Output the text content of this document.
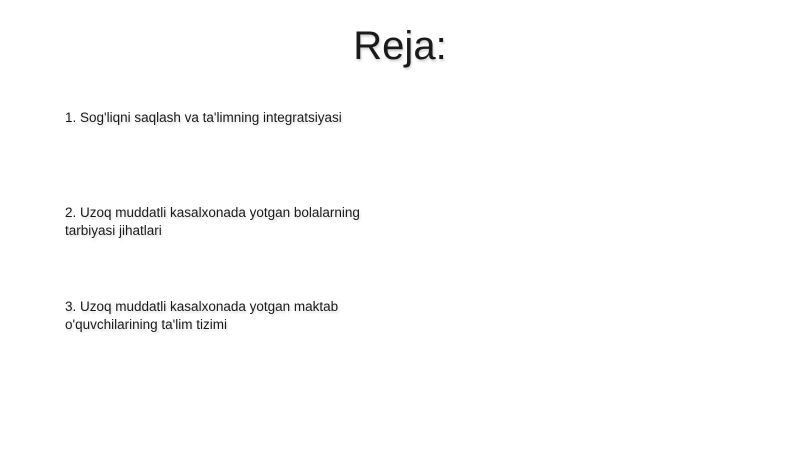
Reja:
1. Sog'liqni saqlash va ta'limning integratsiyasi
2. Uzoq muddatli kasalxonada yotgan bolalarning tarbiyasi jihatlari
3. Uzoq muddatli kasalxonada yotgan maktab o'quvchilarining ta'lim tizimi
